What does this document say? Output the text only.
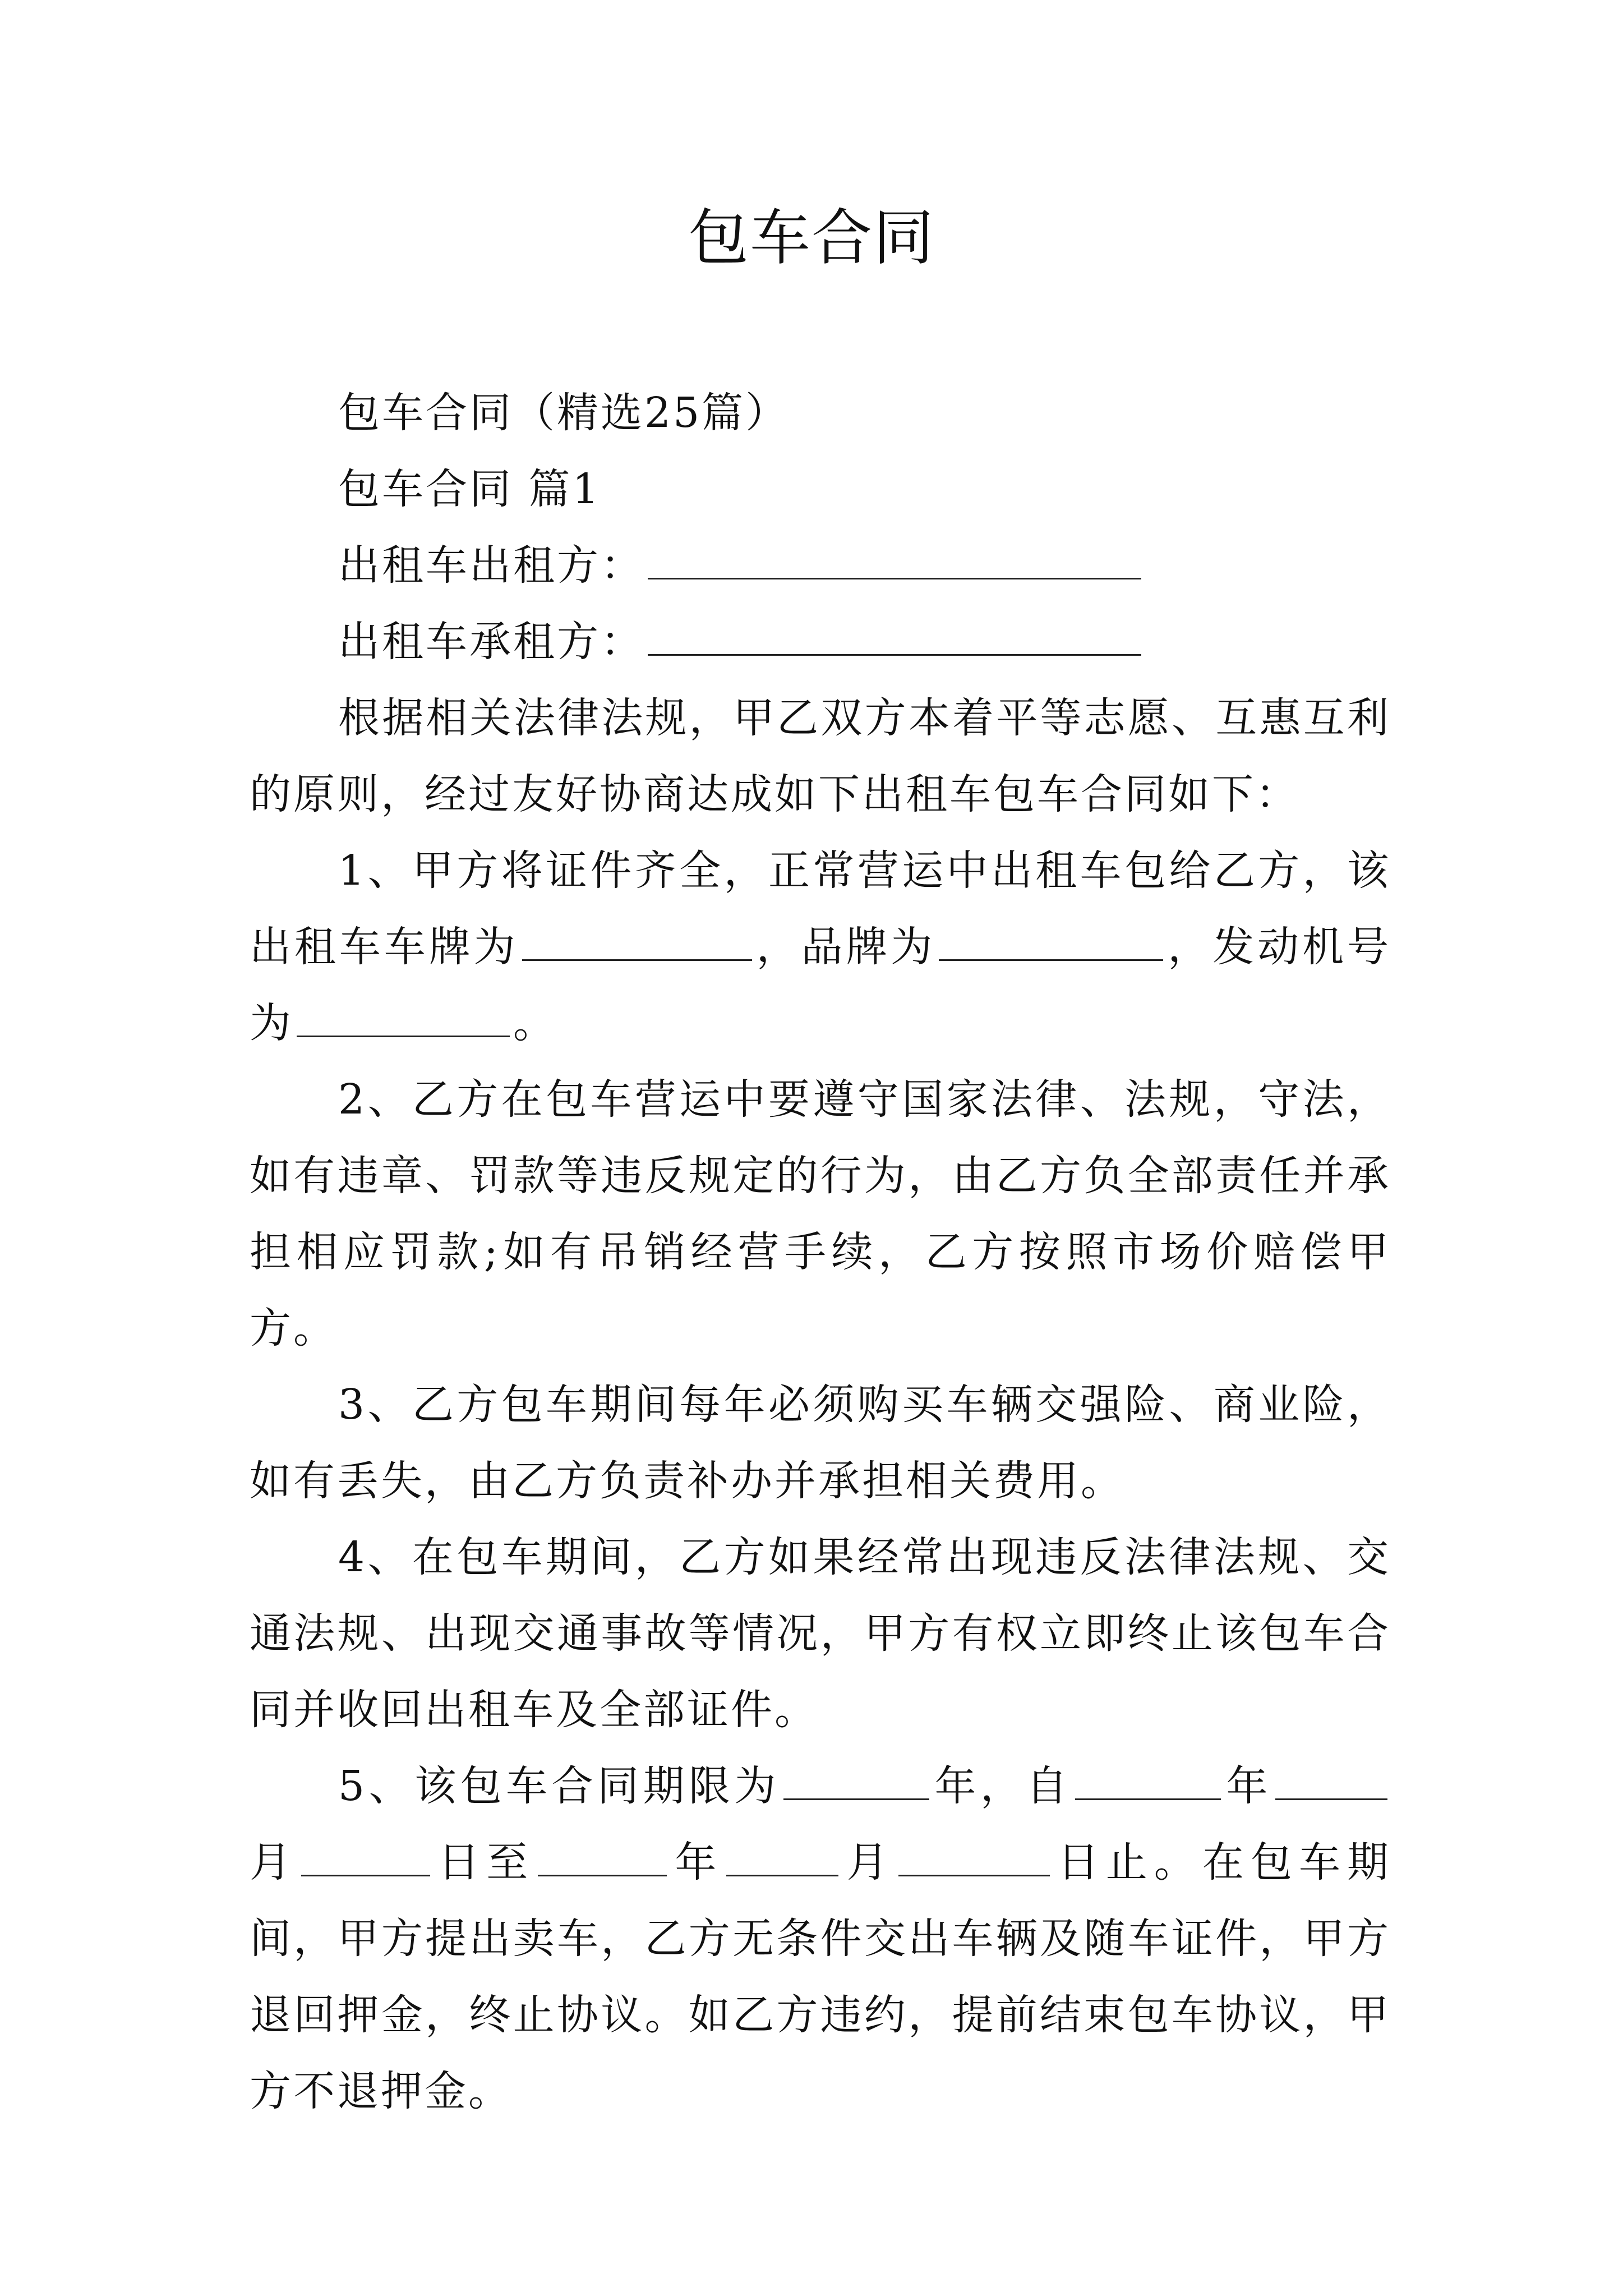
包车合同

包车合同（精选25篇）

包车合同 篇1

出租车出租方：

出租车承租方：

根据相关法律法规，甲乙双方本着平等志愿、互惠互利的原则，经过友好协商达成如下出租车包车合同如下：

1、甲方将证件齐全，正常营运中出租车包给乙方，该出租车车牌为	，品牌为	，发动机号为	。

2、乙方在包车营运中要遵守国家法律、法规，守法，如有违章、罚款等违反规定的行为，由乙方负全部责任并承担相应罚款;如有吊销经营手续，乙方按照市场价赔偿甲方。

3、乙方包车期间每年必须购买车辆交强险、商业险，如有丢失，由乙方负责补办并承担相关费用。

4、在包车期间，乙方如果经常出现违反法律法规、交通法规、出现交通事故等情况，甲方有权立即终止该包车合同并收回出租车及全部证件。

5、该包车合同期限为	年，自	年月	日至	年	月	日止。在包车期间，甲方提出卖车，乙方无条件交出车辆及随车证件，甲方退回押金，终止协议。如乙方违约，提前结束包车协议，甲方不退押金。
